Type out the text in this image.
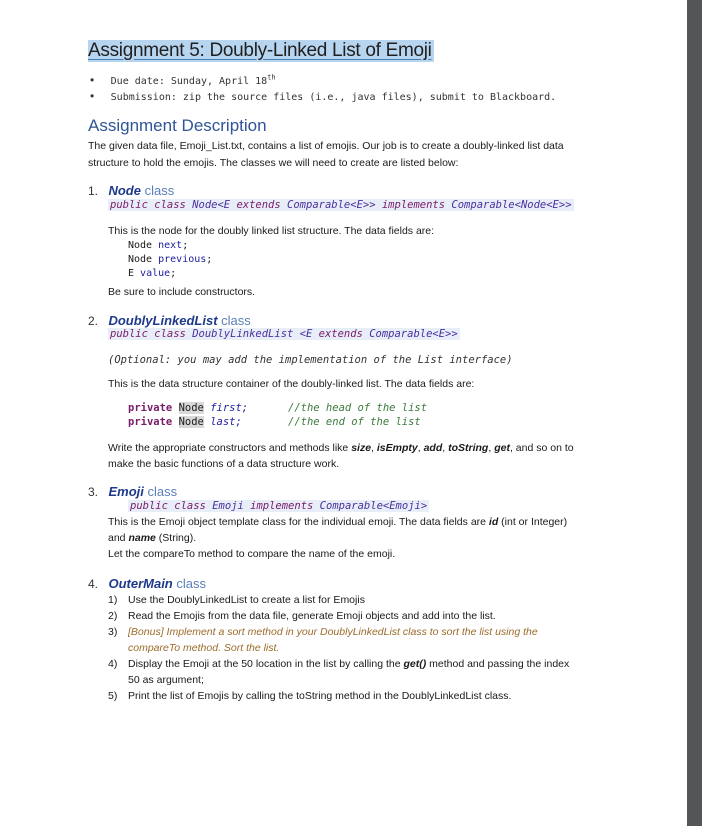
Assignment 5: Doubly-Linked List of Emoji
• Due date: Sunday, April 18th
• Submission: zip the source files (i.e., java files), submit to Blackboard.
Assignment Description
The given data file, Emoji_List.txt, contains a list of emojis. Our job is to create a doubly-linked list data
structure to hold the emojis. The classes we will need to create are listed below:
1. Node class
public class Node<E extends Comparable<E>> implements Comparable<Node<E>>
This is the node for the doubly linked list structure. The data fields are:
Node next;
Node previous;
E value;
Be sure to include constructors.
2. DoublyLinkedList class
public class DoublyLinkedList <E extends Comparable<E>>
(Optional: you may add the implementation of the List interface)
This is the data structure container of the doubly-linked list. The data fields are:
private Node first;	//the head of the list
private Node last;	//the end of the list
Write the appropriate constructors and methods like size, isEmpty, add, toString, get, and so on to
make the basic functions of a data structure work.
3. Emoji class
public class Emoji implements Comparable<Emoji>
This is the Emoji object template class for the individual emoji. The data fields are id (int or Integer)
and name (String).
Let the compareTo method to compare the name of the emoji.
4. OuterMain class
1) Use the DoublyLinkedList to create a list for Emojis
2) Read the Emojis from the data file, generate Emoji objects and add into the list.
3) [Bonus] Implement a sort method in your DoublyLinkedList class to sort the list using the
compareTo method. Sort the list.
4) Display the Emoji at the 50 location in the list by calling the get() method and passing the index
50 as argument;
5) Print the list of Emojis by calling the toString method in the DoublyLinkedList class.
